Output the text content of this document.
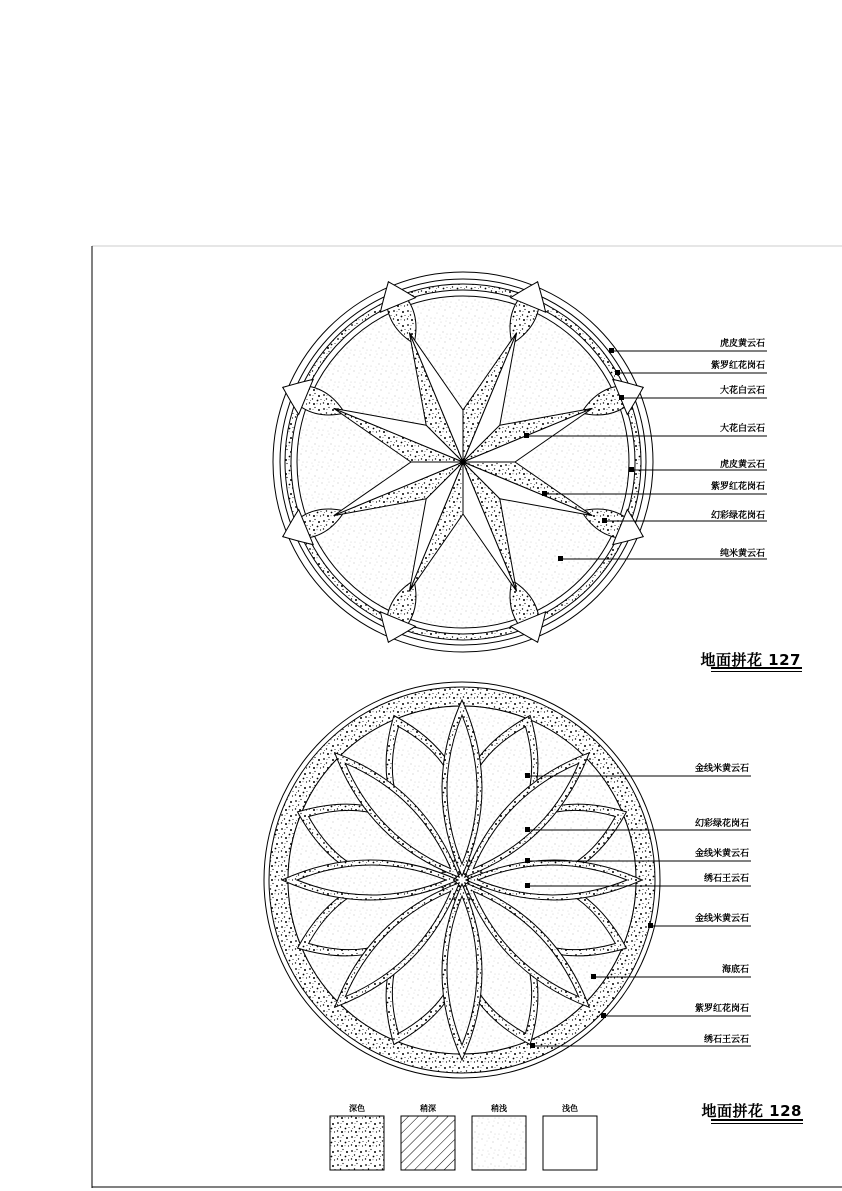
虎皮黄云石
紫罗红花岗石
大花白云石
大花白云石
虎皮黄云石
紫罗红花岗石
幻彩绿花岗石
纯米黄云石
地面拼花 127
金线米黄云石
幻彩绿花岗石
金线米黄云石
绣石王云石
金线米黄云石
海底石
紫罗红花岗石
绣石王云石
地面拼花 128
深色	稍深	稍浅	浅色
